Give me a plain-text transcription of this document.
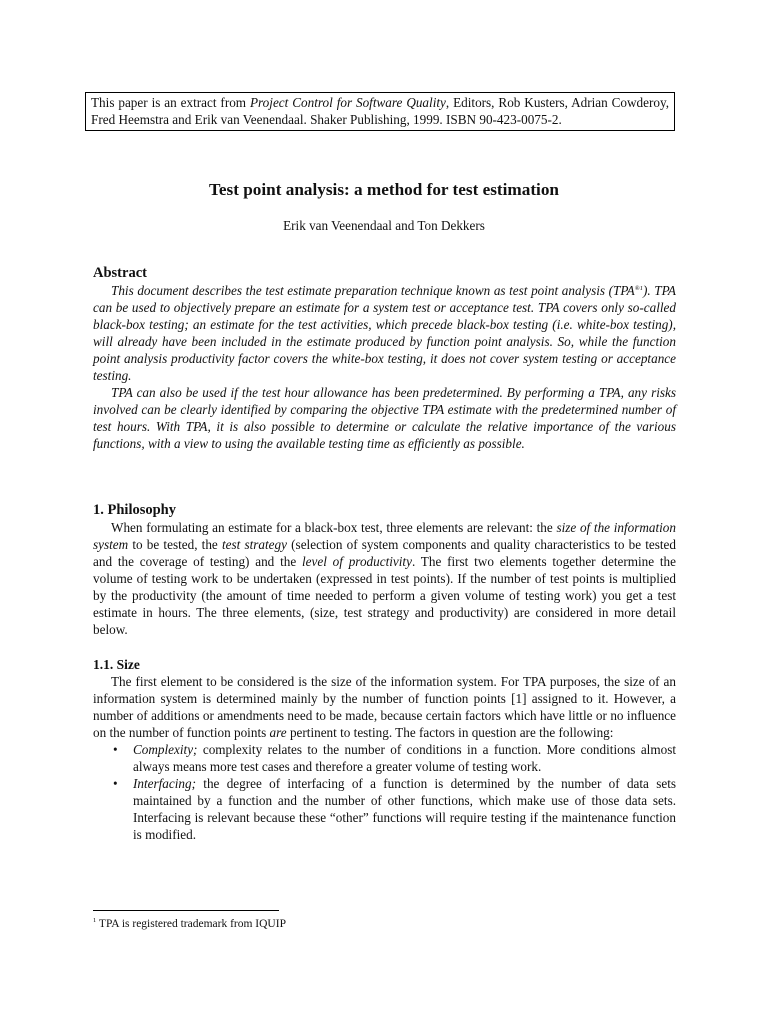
This paper is an extract from Project Control for Software Quality, Editors, Rob Kusters, Adrian Cowderoy, Fred Heemstra and Erik van Veenendaal. Shaker Publishing, 1999. ISBN 90-423-0075-2.
Test point analysis: a method for test estimation
Erik van Veenendaal and Ton Dekkers
Abstract

This document describes the test estimate preparation technique known as test point analysis $(TPA^{®1})$. TPA can be used to objectively prepare an estimate for a system test or acceptance test. TPA covers only so-called black-box testing; an estimate for the test activities, which precede black-box testing (i.e. white-box testing), will already have been included in the estimate produced by function point analysis. So, while the function point analysis productivity factor covers the white-box testing, it does not cover system testing or acceptance testing.

TPA can also be used if the test hour allowance has been predetermined. By performing a TPA, any risks involved can be clearly identified by comparing the objective TPA estimate with the predetermined number of test hours. With TPA, it is also possible to determine or calculate the relative importance of the various functions, with a view to using the available testing time as efficiently as possible.

1. Philosophy

When formulating an estimate for a black-box test, three elements are relevant: the size of the information system to be tested, the test strategy (selection of system components and quality characteristics to be tested and the coverage of testing) and the level of productivity. The first two elements together determine the volume of testing work to be undertaken (expressed in test points). If the number of test points is multiplied by the productivity (the amount of time needed to perform a given volume of testing work) you get a test estimate in hours. The three elements, (size, test strategy and productivity) are considered in more detail below.

1.1. Size

The first element to be considered is the size of the information system. For TPA purposes, the size of an information system is determined mainly by the number of function points [1] assigned to it. However, a number of additions or amendments need to be made, because certain factors which have little or no influence on the number of function points are pertinent to testing. The factors in question are the following:

• Complexity; complexity relates to the number of conditions in a function. More conditions almost always means more test cases and therefore a greater volume of testing work.
• Interfacing; the degree of interfacing of a function is determined by the number of data sets maintained by a function and the number of other functions, which make use of those data sets. Interfacing is relevant because these “other” functions will require testing if the maintenance function is modified.
$^1$ TPA is registered trademark from IQUIP
